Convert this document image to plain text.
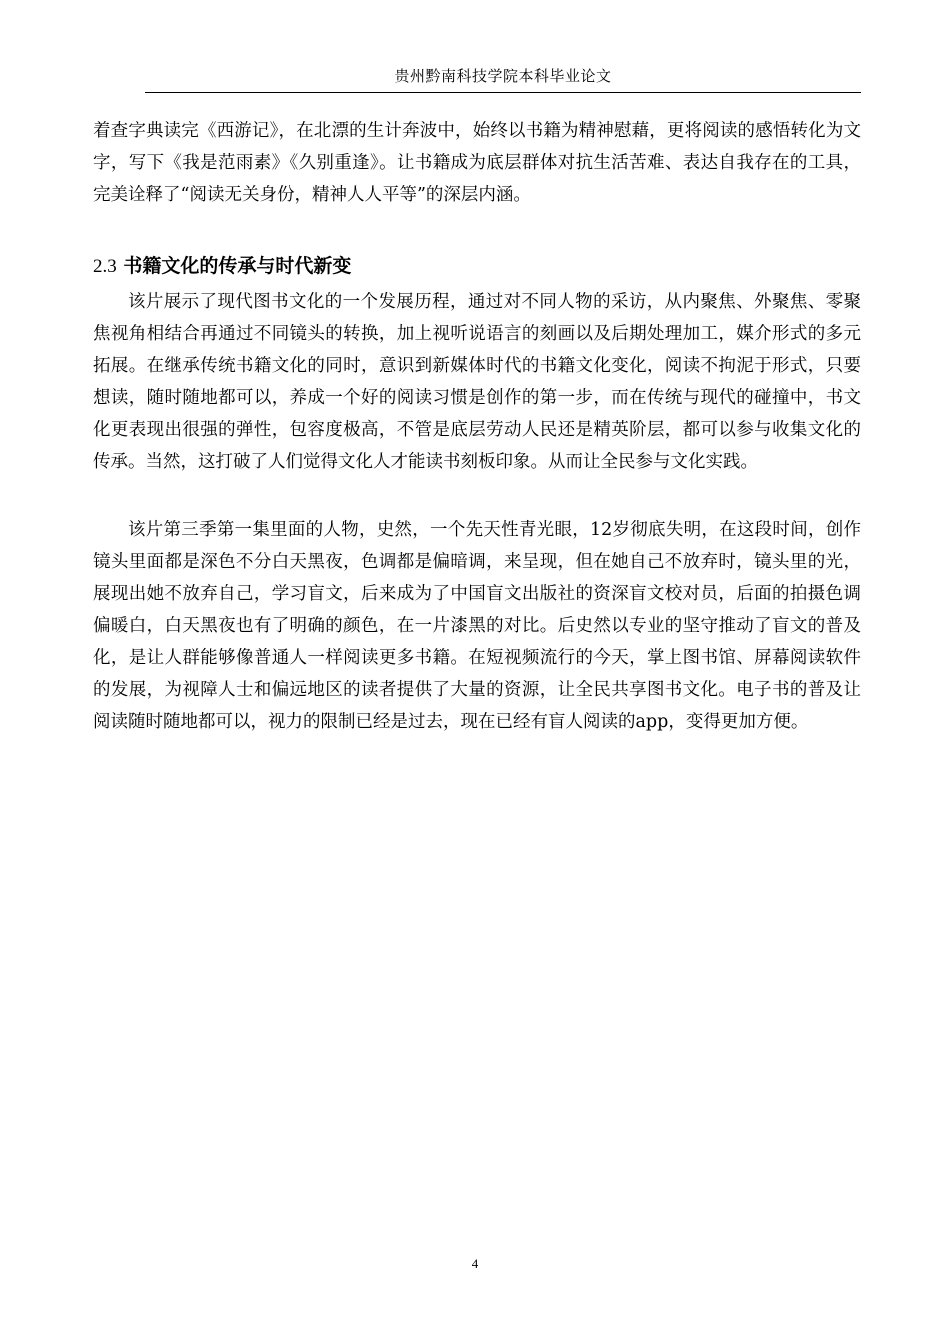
贵州黔南科技学院本科毕业论文

着查字典读完《西游记》，在北漂的生计奔波中，始终以书籍为精神慰藉，更将阅读的感悟转化为文字，写下《我是范雨素》《久别重逢》。让书籍成为底层群体对抗生活苦难、表达自我存在的工具，完美诠释了“阅读无关身份，精神人人平等”的深层内涵。

2.3 书籍文化的传承与时代新变

该片展示了现代图书文化的一个发展历程，通过对不同人物的采访，从内聚焦、外聚焦、零聚焦视角相结合再通过不同镜头的转换，加上视听说语言的刻画以及后期处理加工，媒介形式的多元拓展。在继承传统书籍文化的同时，意识到新媒体时代的书籍文化变化，阅读不拘泥于形式，只要想读，随时随地都可以，养成一个好的阅读习惯是创作的第一步，而在传统与现代的碰撞中，书文化更表现出很强的弹性，包容度极高，不管是底层劳动人民还是精英阶层，都可以参与收集文化的传承。当然，这打破了人们觉得文化人才能读书刻板印象。从而让全民参与文化实践。

该片第三季第一集里面的人物，史然，一个先天性青光眼，12岁彻底失明，在这段时间，创作镜头里面都是深色不分白天黑夜，色调都是偏暗调，来呈现，但在她自己不放弃时，镜头里的光，展现出她不放弃自己，学习盲文，后来成为了中国盲文出版社的资深盲文校对员，后面的拍摄色调偏暖白，白天黑夜也有了明确的颜色，在一片漆黑的对比。后史然以专业的坚守推动了盲文的普及化，是让人群能够像普通人一样阅读更多书籍。在短视频流行的今天，掌上图书馆、屏幕阅读软件的发展，为视障人士和偏远地区的读者提供了大量的资源，让全民共享图书文化。电子书的普及让阅读随时随地都可以，视力的限制已经是过去，现在已经有盲人阅读的app，变得更加方便。

4
